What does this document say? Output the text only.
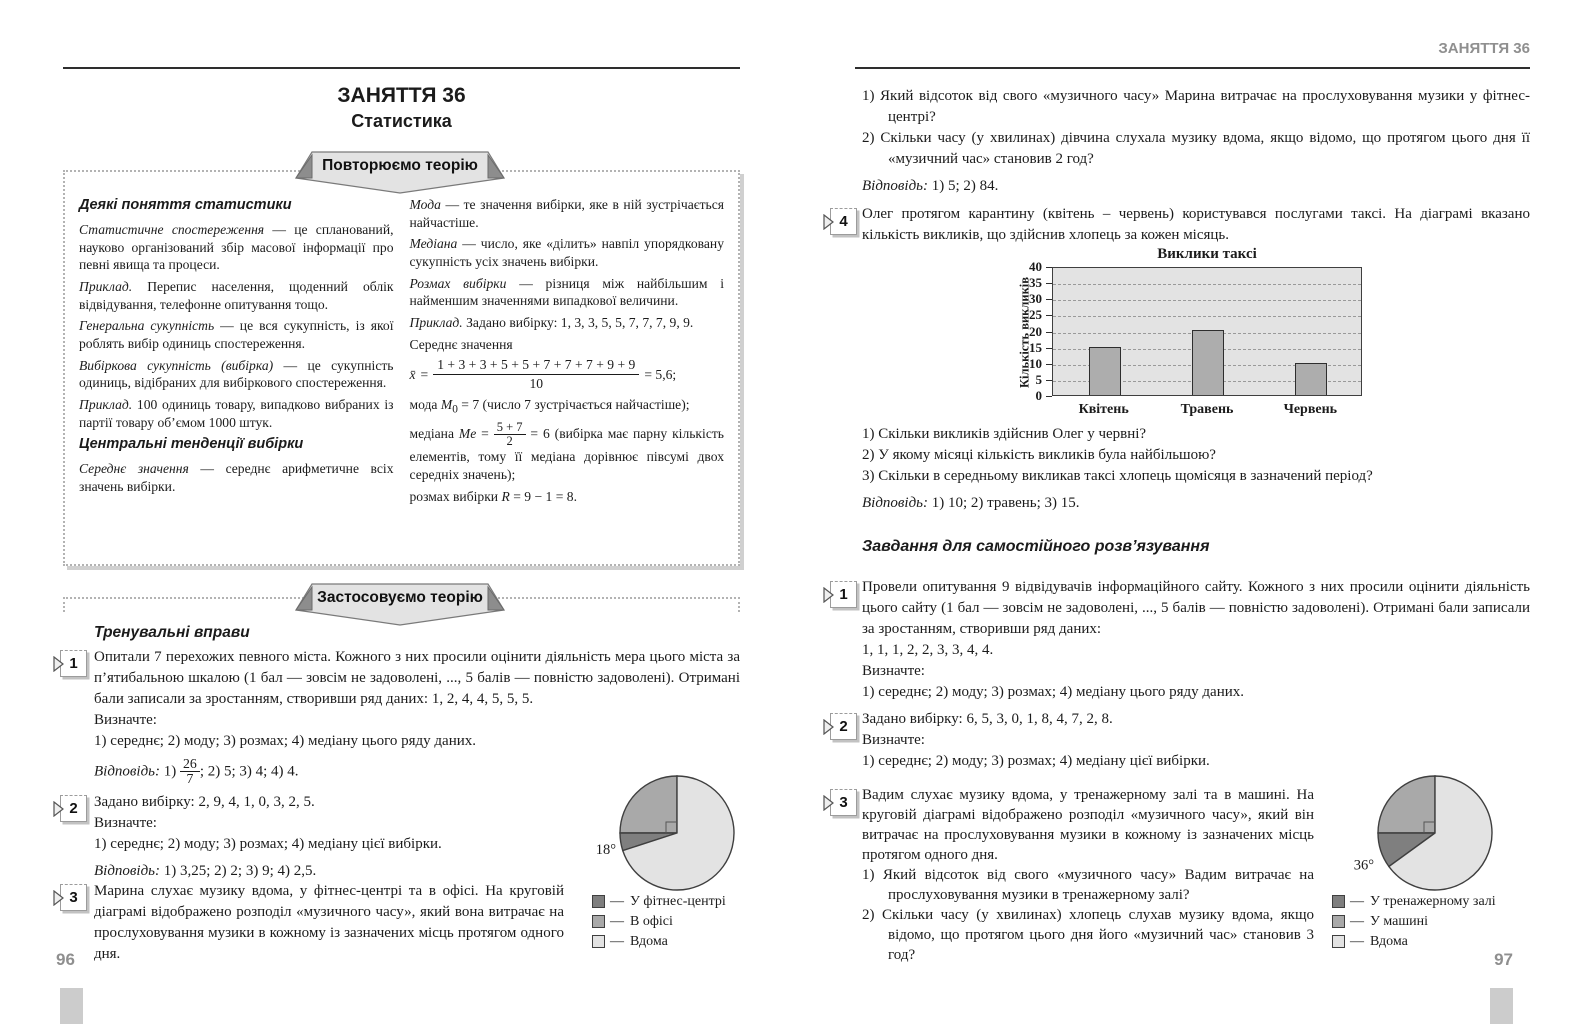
ЗАНЯТТЯ 36
Статистика

Деякі поняття статистики

Статистичне спостереження — це спланований, науково організований збір масової інформації про певні явища та процеси.

Приклад. Перепис населення, щоденний облік відвідування, телефонне опитування тощо.

Генеральна сукупність — це вся сукупність, із якої роблять вибір одиниць спостереження.

Вибіркова сукупність (вибірка) — це сукупність одиниць, відібраних для вибіркового спостереження.

Приклад. 100 одиниць товару, випадково вибраних із партії товару об’ємом 1000 штук.

Центральні тенденції вибірки

Середнє значення — середнє арифметичне всіх значень вибірки.

Мода — те значення вибірки, яке в ній зустрічається найчастіше.

Медіана — число, яке «ділить» навпіл упорядковану сукупність усіх значень вибірки.

Розмах вибірки — різниця між найбільшим і найменшим значеннями випадкової величини.

Приклад. Задано вибірку: 1, 3, 3, 5, 5, 7, 7, 7, 9, 9.

Середнє значення

x̄ = $\frac{1 + 3 + 3 + 5 + 5 + 7 + 7 + 7 + 9 + 9}{10} = 5,6$;

мода $M_0 = 7$ (число 7 зустрічається найчастіше);

медіана $Me = \frac{5 + 7}{2} = 6$ (вибірка має парну кількість елементів, тому її медіана дорівнює півсумі двох середніх значень);

розмах вибірки R = 9 − 1 = 8.

Повторюємо теорію
Застосовуємо теорію
Тренувальні вправи
1 Опитали 7 перехожих певного міста. Кожного з них просили оцінити діяльність мера цього міста за п’ятибальною шкалою (1 бал — зовсім не задоволені, ..., 5 балів — повністю задоволені). Отримані бали записали за зростанням, створивши ряд даних: 1, 2, 4, 4, 5, 5, 5.

Визначте:

1) середнє; 2) моду; 3) розмах; 4) медіану цього ряду даних.

Відповідь: $1) \frac{26}{7}$ ; 2) 5; 3) 4; 4) 4.

2 Задано вибірку: 2, 9, 4, 1, 0, 3, 2, 5.

Визначте:

1) середнє; 2) моду; 3) розмах; 4) медіану цієї вибірки.

Відповідь: 1) 3,25; 2) 2; 3) 9; 4) 2,5.

3 Марина слухає музику вдома, у фітнес-центрі та в офісі. На круговій діаграмі відображено розподіл «музичного часу», який вона витрачає на прослуховування музики в кожному із зазначених місць протягом одного дня.

18°
—
У фітнес-центрі
—
В офісі
—
Вдома
96
ЗАНЯТТЯ 36

1) Який відсоток від свого «музичного часу» Марина витрачає на прослуховування музики у фітнес-центрі?

2) Скільки часу (у хвилинах) дівчина слухала музику вдома, якщо відомо, що протягом цього дня її «музичний час» становив 2 год?

Відповідь: 1) 5; 2) 84.

4 Олег протягом карантину (квітень – червень) користувався послугами таксі. На діаграмі вказано кількість викликів, що здійснив хлопець за кожен місяць.

Виклики таксі
Кількість викликів
0
5
10
15
20
25
30
35
40
Квітень	Травень	Червень

1) Скільки викликів здійснив Олег у червні?

2) У якому місяці кількість викликів була найбільшою?

3) Скільки в середньому викликав таксі хлопець щомісяця в зазначений період?

Відповідь: 1) 10; 2) травень; 3) 15.

Завдання для самостійного розв’язування
1 Провели опитування 9 відвідувачів інформаційного сайту. Кожного з них просили оцінити діяльність цього сайту (1 бал — зовсім не задоволені, ..., 5 балів — повністю задоволені). Отримані бали записали за зростанням, створивши ряд даних:

1, 1, 1, 2, 2, 3, 3, 4, 4.

Визначте:

1) середнє; 2) моду; 3) розмах; 4) медіану цього ряду даних.

2 Задано вибірку: 6, 5, 3, 0, 1, 8, 4, 7, 2, 8.

Визначте:

1) середнє; 2) моду; 3) розмах; 4) медіану цієї вибірки.

3 Вадим слухає музику вдома, у тренажерному залі та в машині. На круговій діаграмі відображено розподіл «музичного часу», який він витрачає на прослуховування музики в кожному із зазначених місць протягом одного дня.

1) Який відсоток від свого «музичного часу» Вадим витрачає на прослуховування музики в тренажерному залі?

2) Скільки часу (у хвилинах) хлопець слухав музику вдома, якщо відомо, що протягом цього дня його «музичний час» становив 3 год?

36°
—
У тренажерному залі
—
У машині
—
Вдома
97
